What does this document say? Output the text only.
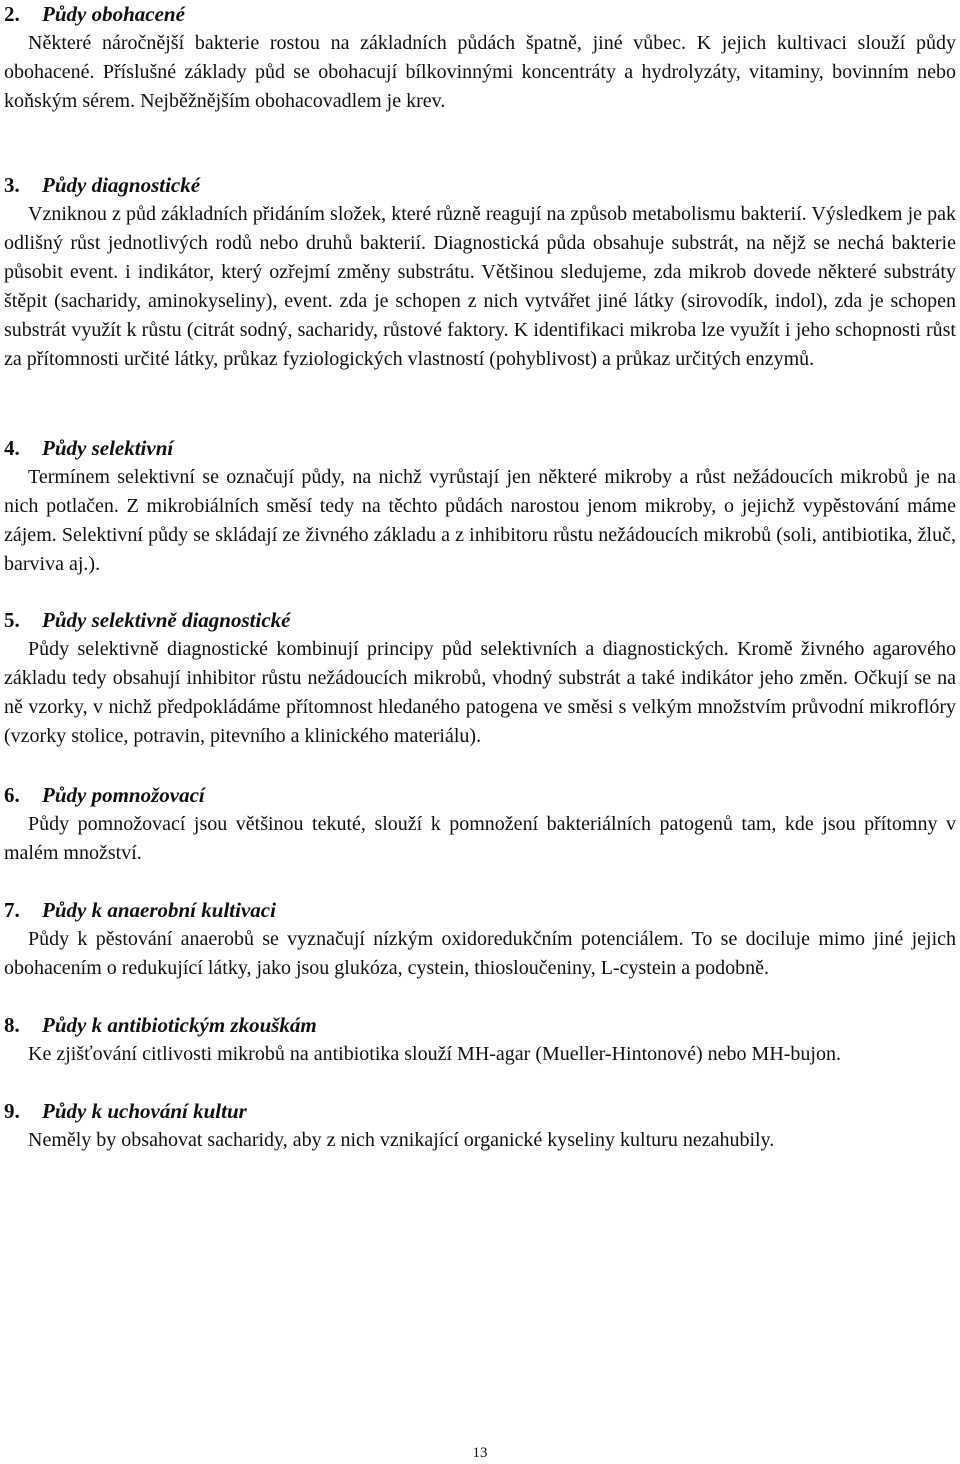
2. Půdy obohacené

Některé náročnější bakterie rostou na základních půdách špatně, jiné vůbec. K jejich kultivaci slouží půdy obohacené. Příslušné základy půd se obohacují bílkovinnými koncentráty a hydrolyzáty, vitaminy, bovinním nebo koňským sérem. Nejběžnějším obohacovadlem je krev.

3. Půdy diagnostické

Vzniknou z půd základních přidáním složek, které různě reagují na způsob metabolismu bakterií. Výsledkem je pak odlišný růst jednotlivých rodů nebo druhů bakterií. Diagnostická půda obsahuje substrát, na nějž se nechá bakterie působit event. i indikátor, který ozřejmí změny substrátu. Většinou sledujeme, zda mikrob dovede některé substráty štěpit (sacharidy, aminokyseliny), event. zda je schopen z nich vytvářet jiné látky (sirovodík, indol), zda je schopen substrát využít k růstu (citrát sodný, sacharidy, růstové faktory. K identifikaci mikroba lze využít i jeho schopnosti růst za přítomnosti určité látky, průkaz fyziologických vlastností (pohyblivost) a průkaz určitých enzymů.

4. Půdy selektivní

Termínem selektivní se označují půdy, na nichž vyrůstají jen některé mikroby a růst nežádoucích mikrobů je na nich potlačen. Z mikrobiálních směsí tedy na těchto půdách narostou jenom mikroby, o jejichž vypěstování máme zájem. Selektivní půdy se skládají ze živného základu a z inhibitoru růstu nežádoucích mikrobů (soli, antibiotika, žluč, barviva aj.).

5. Půdy selektivně diagnostické

Půdy selektivně diagnostické kombinují principy půd selektivních a diagnostických. Kromě živného agarového základu tedy obsahují inhibitor růstu nežádoucích mikrobů, vhodný substrát a také indikátor jeho změn. Očkují se na ně vzorky, v nichž předpokládáme přítomnost hledaného patogena ve směsi s velkým množstvím průvodní mikroflóry (vzorky stolice, potravin, pitevního a klinického materiálu).

6. Půdy pomnožovací

Půdy pomnožovací jsou většinou tekuté, slouží k pomnožení bakteriálních patogenů tam, kde jsou přítomny v malém množství.

7. Půdy k anaerobní kultivaci

Půdy k pěstování anaerobů se vyznačují nízkým oxidoredukčním potenciálem. To se dociluje mimo jiné jejich obohacením o redukující látky, jako jsou glukóza, cystein, thiosloučeniny, L-cystein a podobně.

8. Půdy k antibiotickým zkouškám

Ke zjišťování citlivosti mikrobů na antibiotika slouží MH-agar (Mueller-Hintonové) nebo MH-bujon.

9. Půdy k uchování kultur

Neměly by obsahovat sacharidy, aby z nich vznikající organické kyseliny kulturu nezahubily.

13
